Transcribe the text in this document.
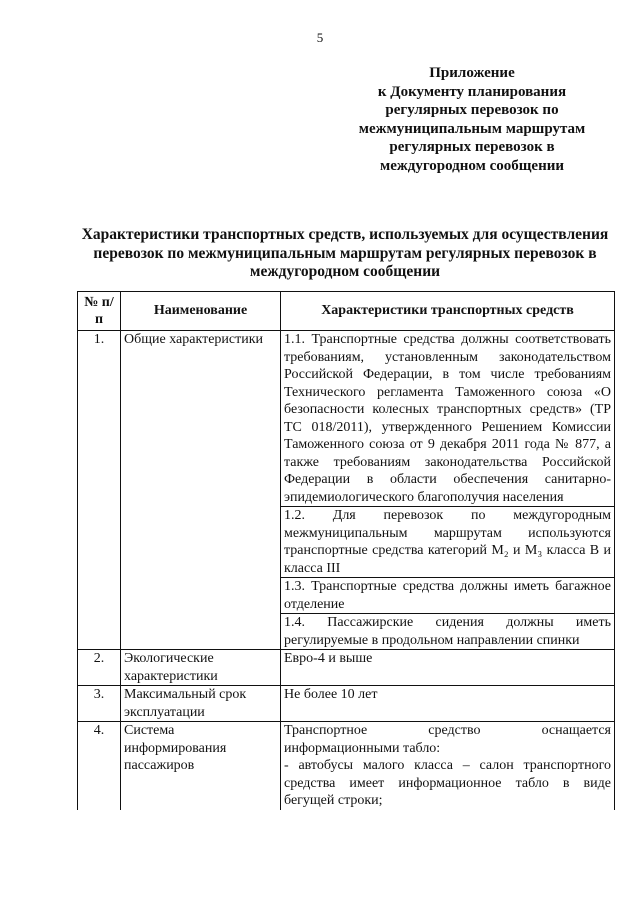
5
Приложение
к Документу планирования
регулярных перевозок по
межмуниципальным маршрутам
регулярных перевозок в
междугородном сообщении
Характеристики транспортных средств, используемых для осуществления
перевозок по межмуниципальным маршрутам регулярных перевозок в
междугородном сообщении
№ п/п	Наименование	Характеристики транспортных средств
1.	Общие характеристики	1.1. Транспортные средства должны соответствовать требованиям, установленным законодательством Российской Федерации, в том числе требованиям Технического регламента Таможенного союза «О безопасности колесных транспортных средств» (ТР ТС 018/2011), утвержденного Решением Комиссии Таможенного союза от 9 декабря 2011 года № 877, а также требованиям законодательства Российской Федерации в области обеспечения санитарно-эпидемиологического благополучия населения
		1.2. Для перевозок по междугородным межмуниципальным маршрутам используются транспортные средства категорий M₂ и M₃ класса B и класса III
		1.3. Транспортные средства должны иметь багажное отделение
		1.4. Пассажирские сидения должны иметь регулируемые в продольном направлении спинки
2.	Экологические характеристики	Евро-4 и выше
3.	Максимальный срок эксплуатации	Не более 10 лет
4.	Система информирования пассажиров	Транспортное средство оснащается информационными табло:
- автобусы малого класса – салон транспортного средства имеет информационное табло в виде бегущей строки;
